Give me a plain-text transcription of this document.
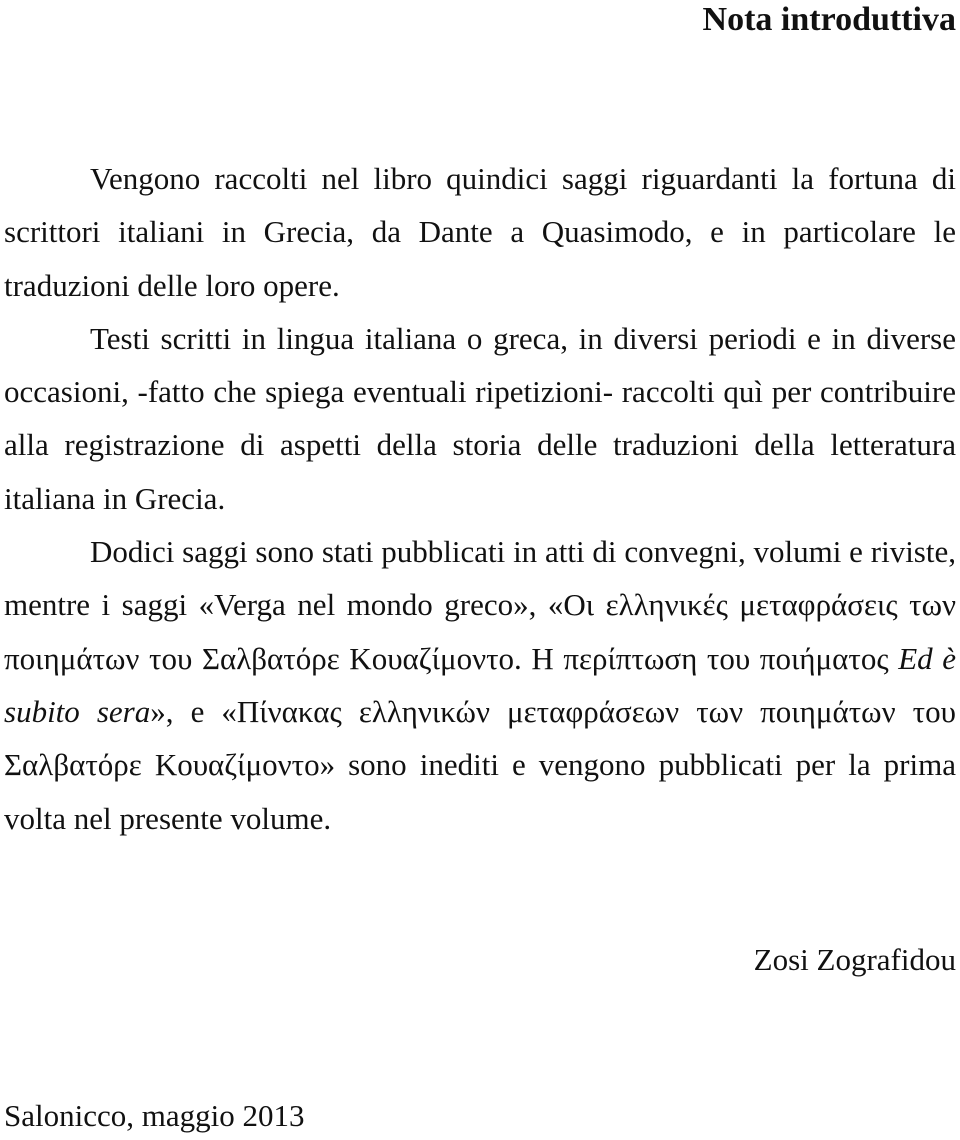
Nota introduttiva

Vengono raccolti nel libro quindici saggi riguardanti la fortuna di scrittori italiani in Grecia, da Dante a Quasimodo, e in particolare le traduzioni delle loro opere.

Testi scritti in lingua italiana o greca, in diversi periodi e in diverse occasioni, -fatto che spiega eventuali ripetizioni- raccolti quì per contribuire alla registrazione di aspetti della storia delle traduzioni della letteratura italiana in Grecia.

Dodici saggi sono stati pubblicati in atti di convegni, volumi e riviste, mentre i saggi «Verga nel mondo greco», «Οι ελληνικές μεταφράσεις των ποιημάτων του Σαλβατόρε Κουαζίμοντο. Η περίπτωση του ποιήματος Ed è subito sera», e «Πίνακας ελληνικών μεταφράσεων των ποιημάτων του Σαλβατόρε Κουαζίμοντο» sono inediti e vengono pubblicati per la prima volta nel presente volume.

Zosi Zografidou
Salonicco, maggio 2013
